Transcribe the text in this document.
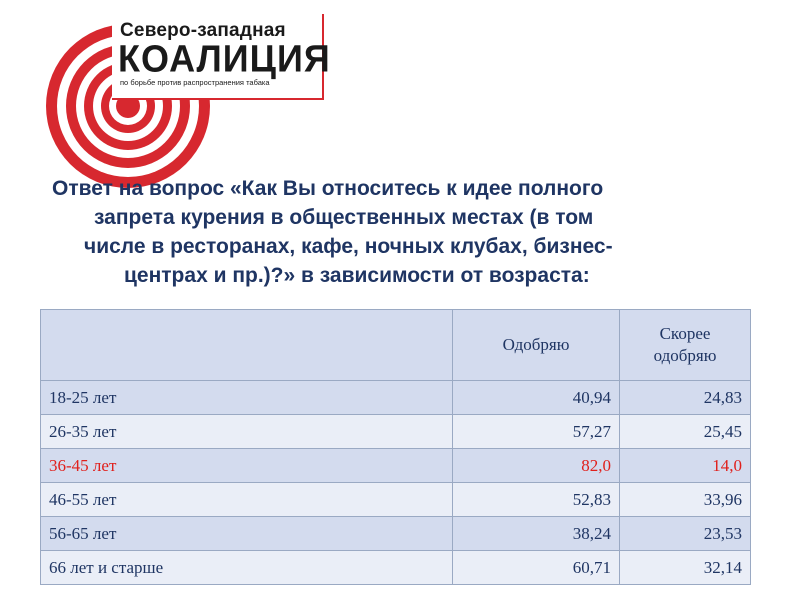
Северо-западная
КОАЛИЦИЯ
по борьбе против распространения табака
Ответ на вопрос «Как Вы относитесь к идее полного
запрета курения в общественных местах (в том
числе в ресторанах, кафе, ночных клубах, бизнес-
центрах и пр.)?» в зависимости от возраста:
	Одобряю	Скорее одобряю
18-25 лет	40,94	24,83
26-35 лет	57,27	25,45
36-45 лет	82,0	14,0
46-55 лет	52,83	33,96
56-65 лет	38,24	23,53
66 лет и старше	60,71	32,14
